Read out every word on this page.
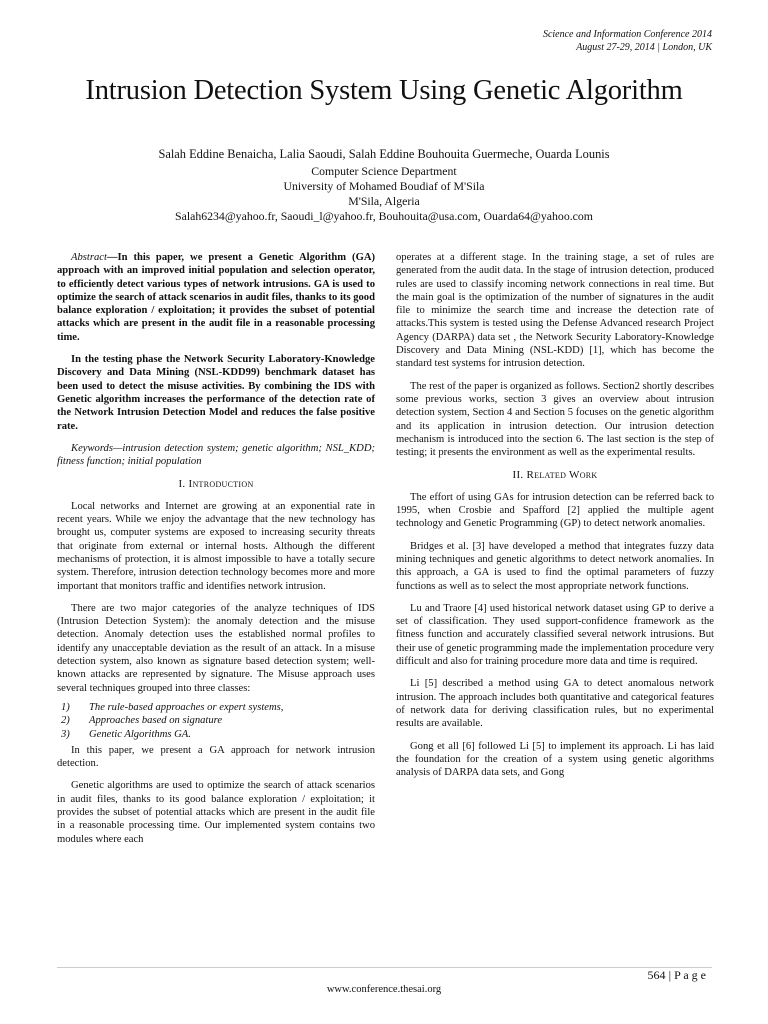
Science and Information Conference 2014
August 27-29, 2014 | London, UK
Intrusion Detection System Using Genetic Algorithm
Salah Eddine Benaicha, Lalia Saoudi, Salah Eddine Bouhouita Guermeche, Ouarda Lounis
Computer Science Department
University of Mohamed Boudiaf of M'Sila
M'Sila, Algeria
Salah6234@yahoo.fr, Saoudi_l@yahoo.fr, Bouhouita@usa.com, Ouarda64@yahoo.com

Abstract—In this paper, we present a Genetic Algorithm (GA) approach with an improved initial population and selection operator, to efficiently detect various types of network intrusions. GA is used to optimize the search of attack scenarios in audit files, thanks to its good balance exploration / exploitation; it provides the subset of potential attacks which are present in the audit file in a reasonable processing time.

In the testing phase the Network Security Laboratory-Knowledge Discovery and Data Mining (NSL-KDD99) benchmark dataset has been used to detect the misuse activities. By combining the IDS with Genetic algorithm increases the performance of the detection rate of the Network Intrusion Detection Model and reduces the false positive rate.

Keywords—intrusion detection system; genetic algorithm; NSL_KDD; fitness function; initial population

I. Introduction

Local networks and Internet are growing at an exponential rate in recent years. While we enjoy the advantage that the new technology has brought us, computer systems are exposed to increasing security threats that originate from external or internal hosts. Although the different mechanisms of protection, it is almost impossible to have a totally secure system. Therefore, intrusion detection technology becomes more and more important that monitors traffic and identifies network intrusion.

There are two major categories of the analyze techniques of IDS (Intrusion Detection System): the anomaly detection and the misuse detection. Anomaly detection uses the established normal profiles to identify any unacceptable deviation as the result of an attack. In a misuse detection system, also known as signature based detection system; well-known attacks are represented by signature. The Misuse approach uses several techniques grouped into three classes:

1) The rule-based approaches or expert systems,
2) Approaches based on signature
3) Genetic Algorithms GA.

In this paper, we present a GA approach for network intrusion detection.

Genetic algorithms are used to optimize the search of attack scenarios in audit files, thanks to its good balance exploration / exploitation; it provides the subset of potential attacks which are present in the audit file in a reasonable processing time. Our implemented system contains two modules where each

operates at a different stage. In the training stage, a set of rules are generated from the audit data. In the stage of intrusion detection, produced rules are used to classify incoming network connections in real time. But the main goal is the optimization of the number of signatures in the audit file to minimize the search time and increase the detection rate of attacks.This system is tested using the Defense Advanced research Project Agency (DARPA) data set , the Network Security Laboratory-Knowledge Discovery and Data Mining (NSL-KDD) [1], which has become the standard test systems for intrusion detection.

The rest of the paper is organized as follows. Section2 shortly describes some previous works, section 3 gives an overview about intrusion detection system, Section 4 and Section 5 focuses on the genetic algorithm and its application in intrusion detection. Our intrusion detection mechanism is introduced into the section 6. The last section is the step of testing; it presents the environment as well as the experimental results.

II. Related Work

The effort of using GAs for intrusion detection can be referred back to 1995, when Crosbie and Spafford [2] applied the multiple agent technology and Genetic Programming (GP) to detect network anomalies.

Bridges et al. [3] have developed a method that integrates fuzzy data mining techniques and genetic algorithms to detect network anomalies. In this approach, a GA is used to find the optimal parameters of fuzzy functions as well as to select the most appropriate network functions.

Lu and Traore [4] used historical network dataset using GP to derive a set of classification. They used support-confidence framework as the fitness function and accurately classified several network intrusions. But their use of genetic programming made the implementation procedure very difficult and also for training procedure more data and time is required.

Li [5] described a method using GA to detect anomalous network intrusion. The approach includes both quantitative and categorical features of network data for deriving classification rules, but no experimental results are available.

Gong et all [6] followed Li [5] to implement its approach. Li has laid the foundation for the creation of a system using genetic algorithms analysis of DARPA data sets, and Gong

564 | P a g e
www.conference.thesai.org
